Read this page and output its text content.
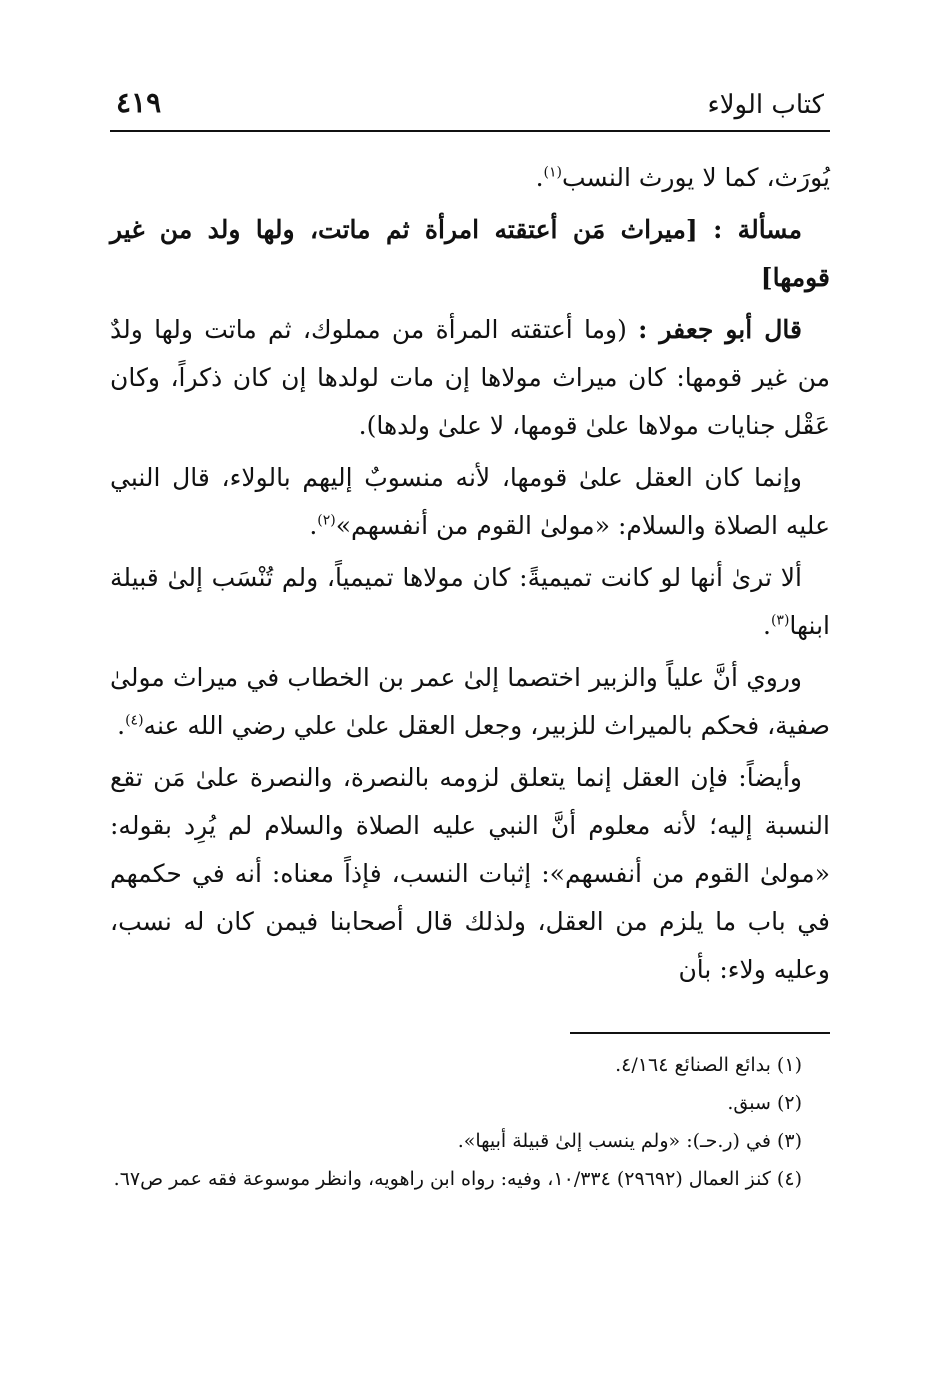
كتاب الولاء
٤١٩

يُورَث، كما لا يورث النسب$^{(١)}$.

مسألة : [ميراث مَن أعتقته امرأة ثم ماتت، ولها ولد من غير قومها]

قال أبو جعفر : (وما أعتقته المرأة من مملوك، ثم ماتت ولها ولدٌ من غير قومها: كان ميراث مولاها إن مات لولدها إن كان ذكراً، وكان عَقْل جنايات مولاها علىٰ قومها، لا علىٰ ولدها).

وإنما كان العقل علىٰ قومها، لأنه منسوبٌ إليهم بالولاء، قال النبي عليه الصلاة والسلام: «مولىٰ القوم من أنفسهم»$^{(٢)}$.

ألا ترىٰ أنها لو كانت تميميةً: كان مولاها تميمياً، ولم تُنْسَب إلىٰ قبيلة ابنها$^{(٣)}$.

وروي أنَّ علياً والزبير اختصما إلىٰ عمر بن الخطاب في ميراث مولىٰ صفية، فحكم بالميراث للزبير، وجعل العقل علىٰ علي رضي الله عنه$^{(٤)}$.

وأيضاً: فإن العقل إنما يتعلق لزومه بالنصرة، والنصرة علىٰ مَن تقع النسبة إليه؛ لأنه معلوم أنَّ النبي عليه الصلاة والسلام لم يُرِد بقوله: «مولىٰ القوم من أنفسهم»: إثبات النسب، فإذاً معناه: أنه في حكمهم في باب ما يلزم من العقل، ولذلك قال أصحابنا فيمن كان له نسب، وعليه ولاء: بأن

(١) بدائع الصنائع ٤/١٦٤.

(٢) سبق.

(٣) في (ر.حـ): «ولم ينسب إلىٰ قبيلة أبيها».

(٤) كنز العمال (٢٩٦٩٢) ١٠/٣٣٤، وفيه: رواه ابن راهويه، وانظر موسوعة فقه عمر ص٦٧.
